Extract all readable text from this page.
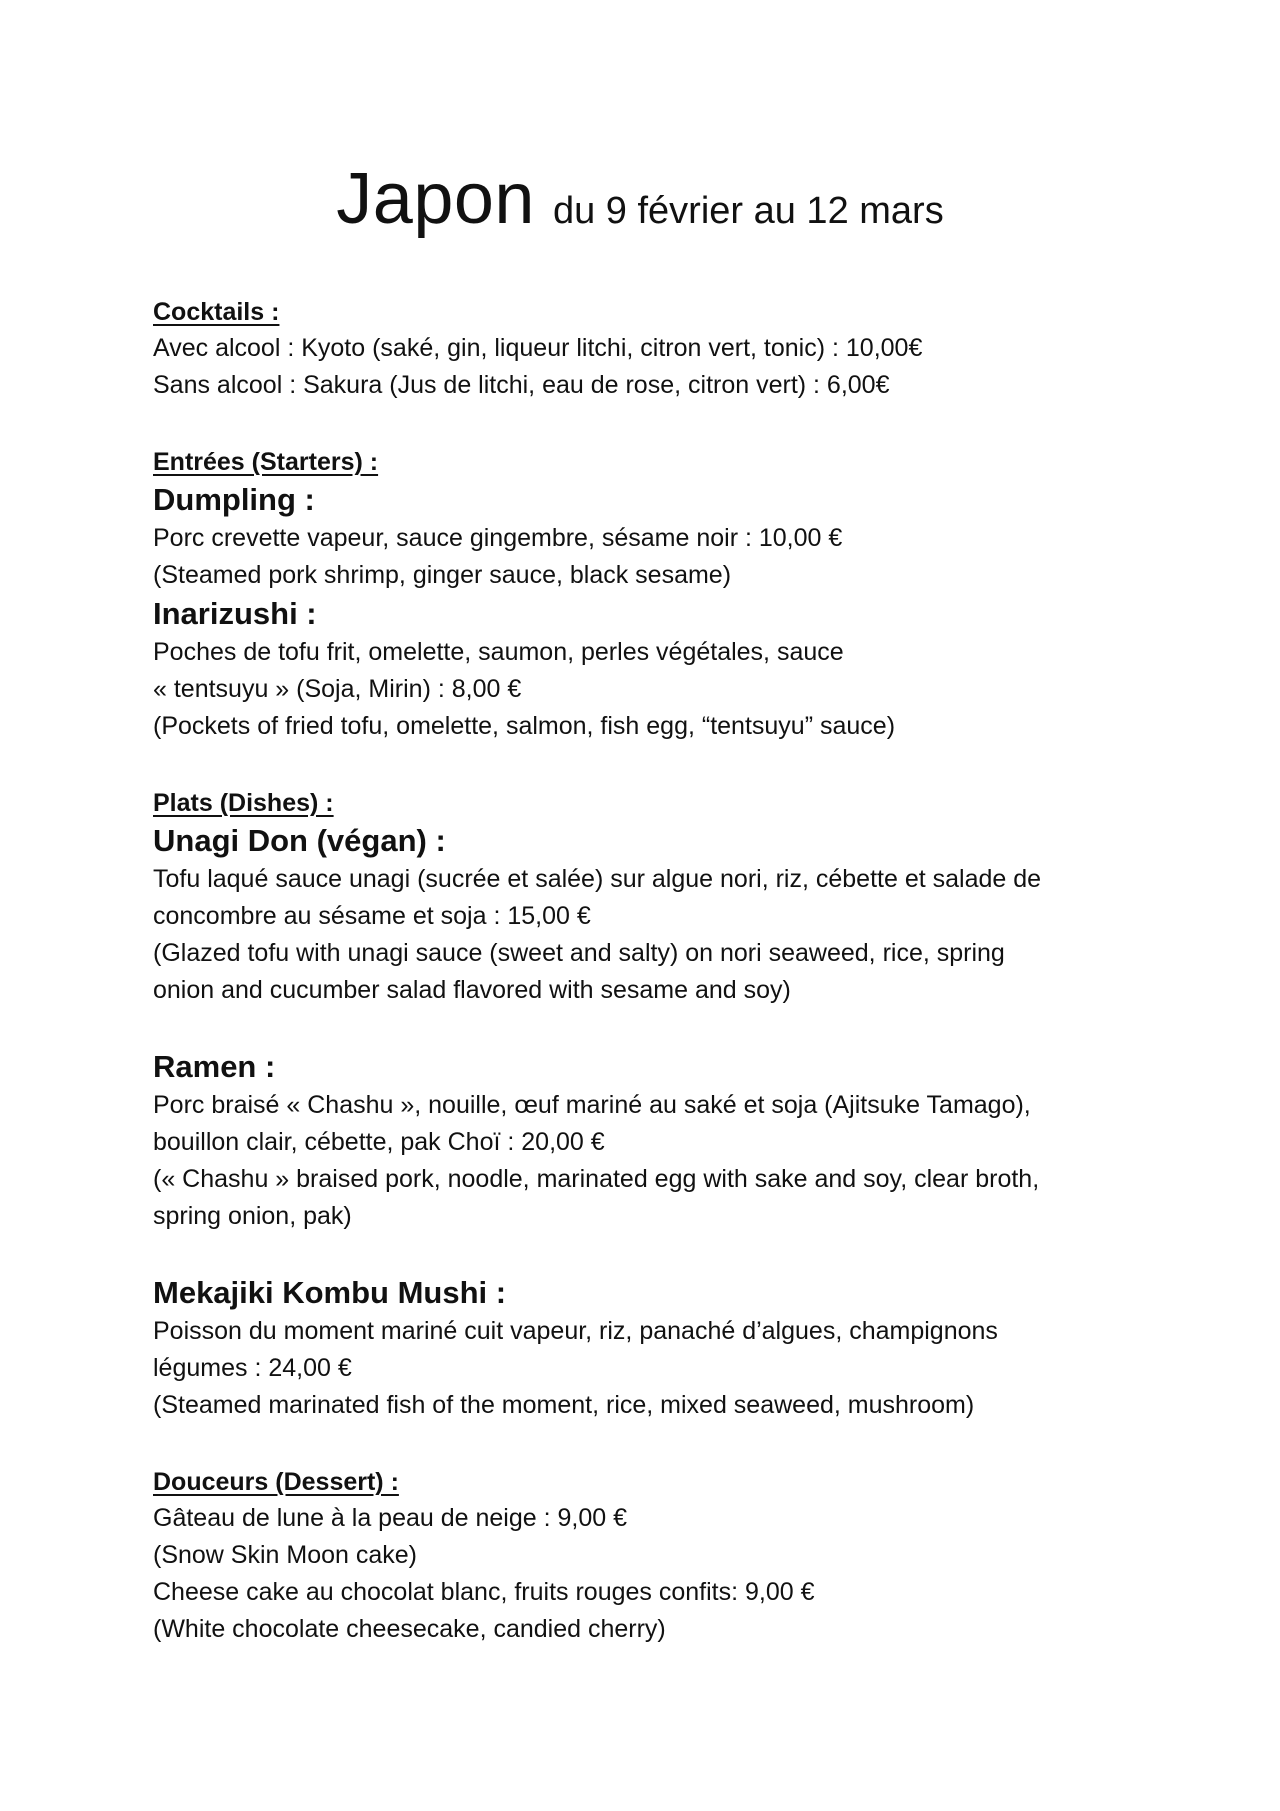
Japon du 9 février au 12 mars

Cocktails :

Avec alcool : Kyoto (saké, gin, liqueur litchi, citron vert, tonic) : 10,00€

Sans alcool : Sakura (Jus de litchi, eau de rose, citron vert) : 6,00€

Entrées (Starters) :

Dumpling :

Porc crevette vapeur, sauce gingembre, sésame noir : 10,00 €

(Steamed pork shrimp, ginger sauce, black sesame)

Inarizushi :

Poches de tofu frit, omelette, saumon, perles végétales, sauce

« tentsuyu » (Soja, Mirin) : 8,00 €

(Pockets of fried tofu, omelette, salmon, fish egg, “tentsuyu” sauce)

Plats (Dishes) :

Unagi Don (végan) :

Tofu laqué sauce unagi (sucrée et salée) sur algue nori, riz, cébette et salade de

concombre au sésame et soja : 15,00 €

(Glazed tofu with unagi sauce (sweet and salty) on nori seaweed, rice, spring

onion and cucumber salad flavored with sesame and soy)

Ramen :

Porc braisé « Chashu », nouille, œuf mariné au saké et soja (Ajitsuke Tamago),

bouillon clair, cébette, pak Choï : 20,00 €

(« Chashu » braised pork, noodle, marinated egg with sake and soy, clear broth,

spring onion, pak)

Mekajiki Kombu Mushi :

Poisson du moment mariné cuit vapeur, riz, panaché d’algues, champignons

légumes : 24,00 €

(Steamed marinated fish of the moment, rice, mixed seaweed, mushroom)

Douceurs (Dessert) :

Gâteau de lune à la peau de neige : 9,00 €

(Snow Skin Moon cake)

Cheese cake au chocolat blanc, fruits rouges confits: 9,00 €

(White chocolate cheesecake, candied cherry)
